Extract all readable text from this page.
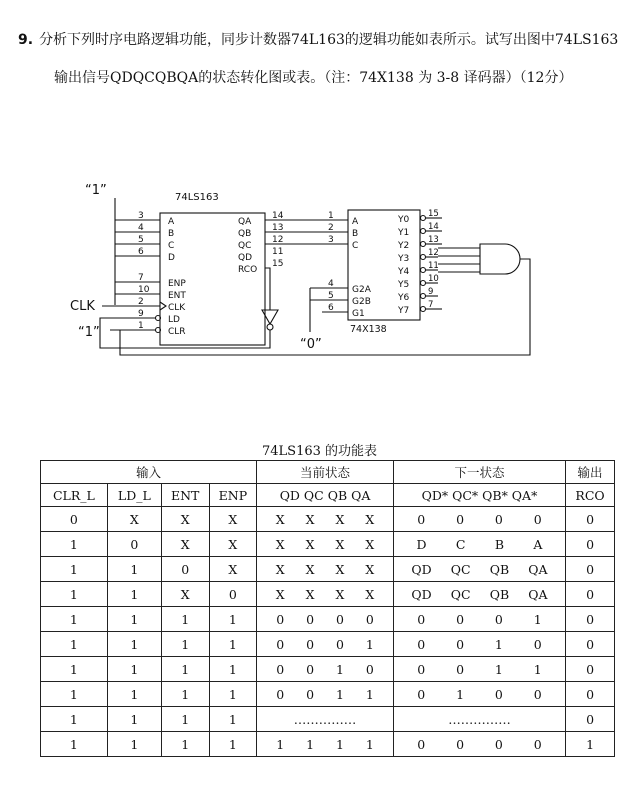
9. 分析下列时序电路逻辑功能，同步计数器74L163的逻辑功能如表所示。试写出图中74LS163
输出信号QDQCQBQA的状态转化图或表。（注：74X138 为 3-8 译码器）（12分）
74LS163
3
A
4
B
5
C
6
D
7
ENP
10
ENT
2
CLK
9
LD
1
CLR
QA
14
QB
13
QC
12
QD
11
RCO
15
74X138
1
A
2
B
3
C
4
G2A
5
G2B
6
G1
Y0
15
Y1
14
Y2
13
Y3
12
Y4
11
Y5
10
Y6
9
Y7
7
“1”
CLK
“1”
“0”
74LS163 的功能表
输入				当前状态	下一状态	输出
CLR_L	LD_L	ENT	ENP	QD QC QB QA	QD* QC* QB* QA*	RCO
0	X	X	X	X X X X	0 0 0 0	0
1	0	X	X	X X X X	D C B A	0
1	1	0	X	X X X X	QD QC QB QA	0
1	1	X	0	X X X X	QD QC QB QA	0
1	1	1	1	0 0 0 0	0 0 0 1	0
1	1	1	1	0 0 0 1	0 0 1 0	0
1	1	1	1	0 0 1 0	0 0 1 1	0
1	1	1	1	0 0 1 1	0 1 0 0	0
1	1	1	1	……………	……………	0
1	1	1	1	1 1 1 1	0 0 0 0	1
